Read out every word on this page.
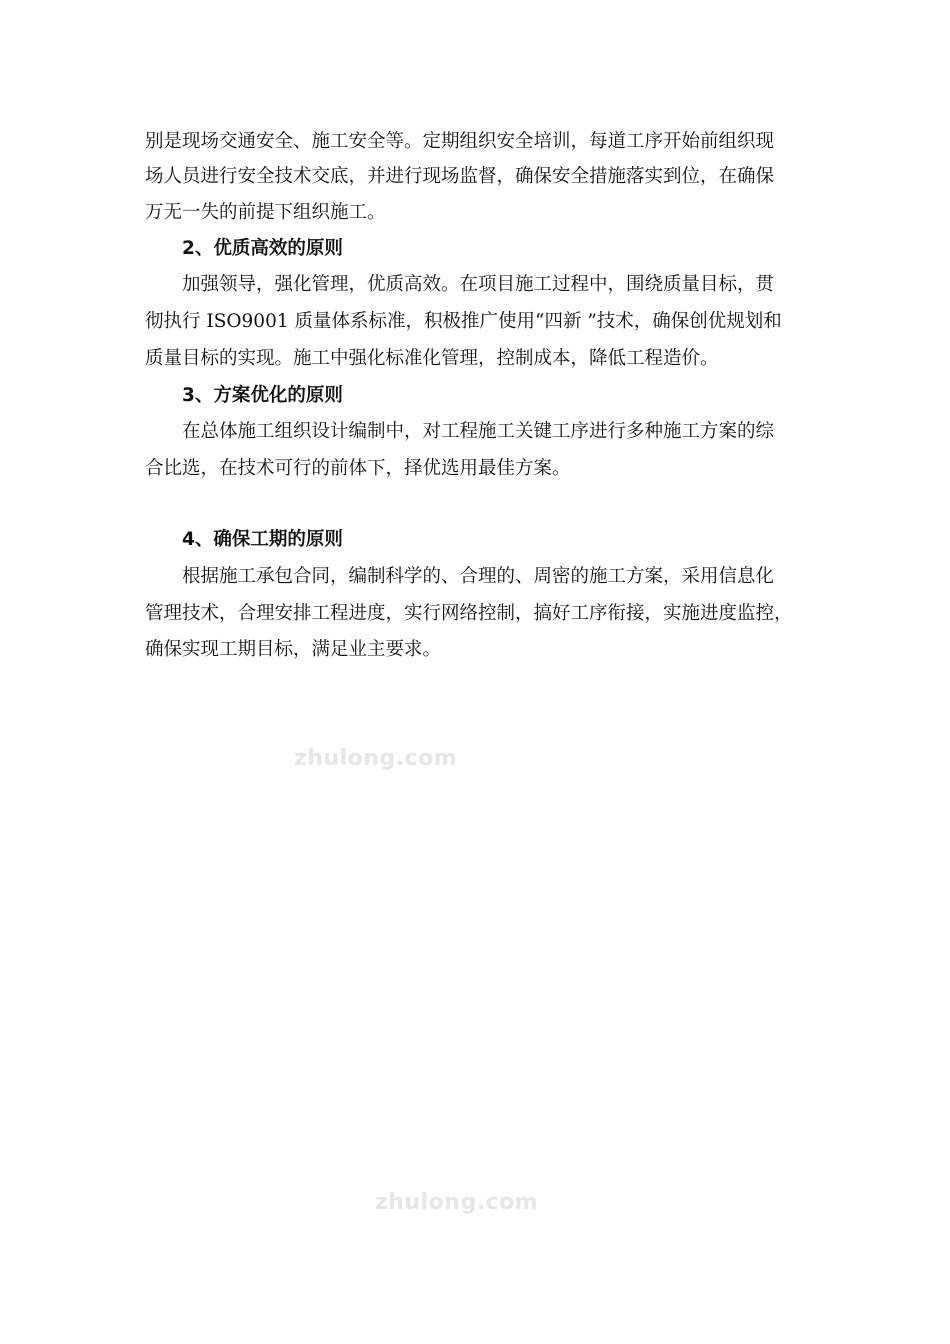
别是现场交通安全、施工安全等。定期组织安全培训，每道工序开始前组织现
场人员进行安全技术交底，并进行现场监督，确保安全措施落实到位，在确保
万无一失的前提下组织施工。
2、优质高效的原则
加强领导，强化管理，优质高效。在项目施工过程中，围绕质量目标，贯
彻执行 ISO9001 质量体系标准，积极推广使用“四新 ”技术，确保创优规划和
质量目标的实现。施工中强化标准化管理，控制成本，降低工程造价。
3、方案优化的原则
在总体施工组织设计编制中，对工程施工关键工序进行多种施工方案的综
合比选，在技术可行的前体下，择优选用最佳方案。
4、确保工期的原则
根据施工承包合同，编制科学的、合理的、周密的施工方案，采用信息化
管理技术，合理安排工程进度，实行网络控制，搞好工序衔接，实施进度监控，
确保实现工期目标，满足业主要求。
zhulong.com
zhulong.com
